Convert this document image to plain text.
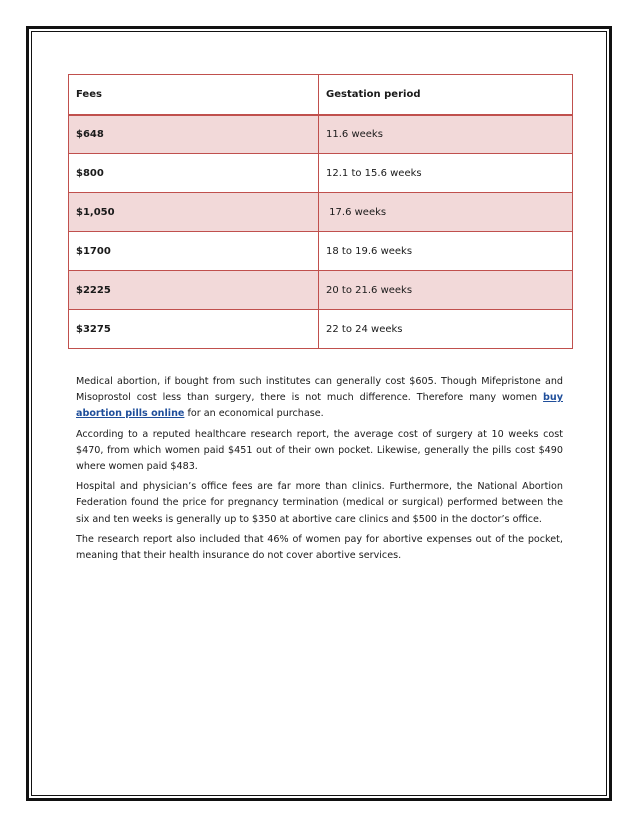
Fees	Gestation period
$648	11.6 weeks
$800	12.1 to 15.6 weeks
$1,050	17.6 weeks
$1700	18 to 19.6 weeks
$2225	20 to 21.6 weeks
$3275	22 to 24 weeks

Medical abortion, if bought from such institutes can generally cost $605. Though Mifepristone and Misoprostol cost less than surgery, there is not much difference. Therefore many women buy abortion pills online for an economical purchase.

According to a reputed healthcare research report, the average cost of surgery at 10 weeks cost $470, from which women paid $451 out of their own pocket. Likewise, generally the pills cost $490 where women paid $483.

Hospital and physician’s office fees are far more than clinics. Furthermore, the National Abortion Federation found the price for pregnancy termination (medical or surgical) performed between the six and ten weeks is generally up to $350 at abortive care clinics and $500 in the doctor’s office.

The research report also included that 46% of women pay for abortive expenses out of the pocket, meaning that their health insurance do not cover abortive services.
